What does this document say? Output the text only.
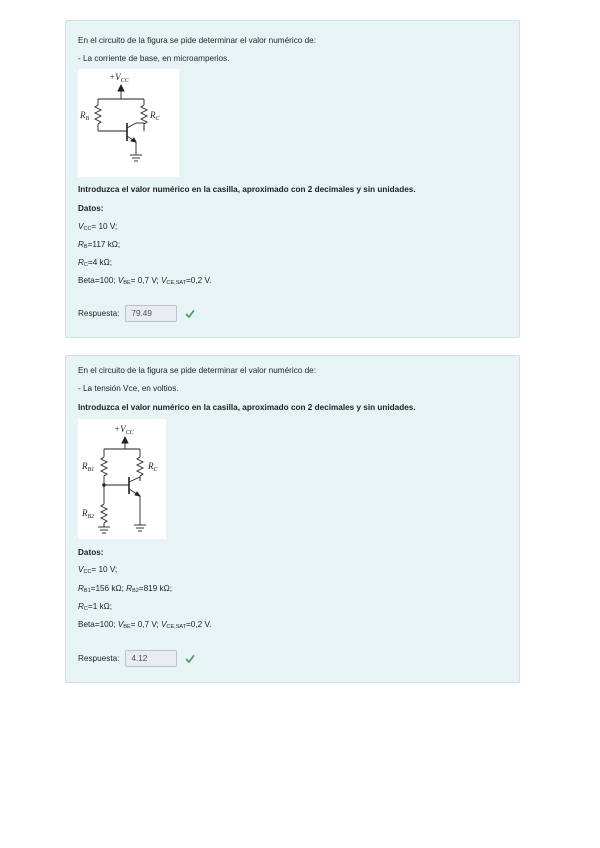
En el circuito de la figura se pide determinar el valor numérico de:
- La corriente de base, en microamperios.
$+V_{CC}$
$R_B$	$R_C$
Introduzca el valor numérico en la casilla, aproximado con 2 decimales y sin unidades.
Datos:
$V_{CC}= 10$ V;
$R_B=117$ kΩ;
$R_C=4$ kΩ;
Beta=100; $V_{BE}= 0,7$ V; $V_{CE,SAT}=0,2$ V.
Respuesta:	79.49
En el circuito de la figura se pide determinar el valor numérico de:
- La tensión Vce, en voltios.
Introduzca el valor numérico en la casilla, aproximado con 2 decimales y sin unidades.
$+V_{CC}$
$R_{B1}$
$R_{B2}$
$R_C$
Datos:
$V_{CC}= 10$ V;
$R_{B1}=156$ kΩ; $R_{B2}=819$ kΩ;
$R_C=1$ kΩ;
Beta=100; $V_{BE}= 0,7$ V; $V_{CE,SAT}=0,2$ V.
Respuesta:	4.12
